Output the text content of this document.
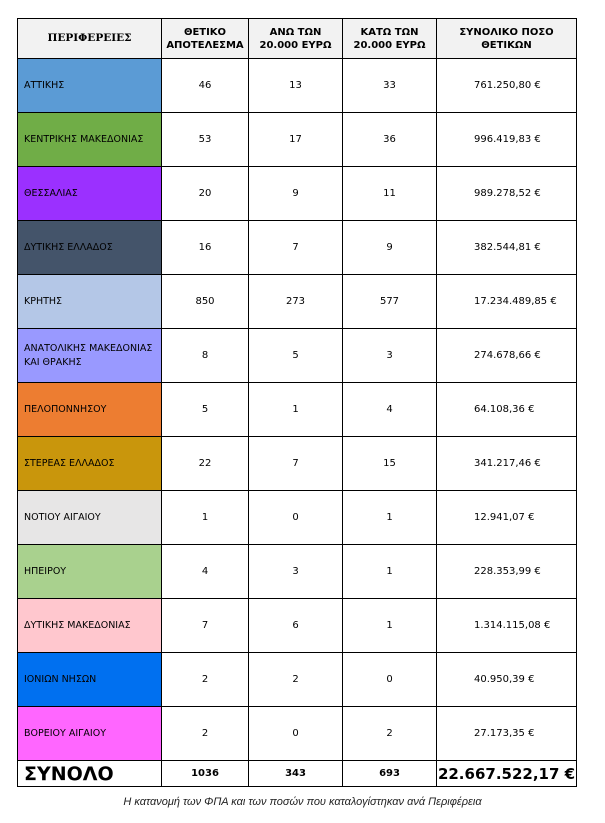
ΠΕΡΙΦΕΡΕΙΕΣ	ΘΕΤΙΚΟ ΑΠΟΤΕΛΕΣΜΑ	ΑΝΩ ΤΩΝ 20.000 ΕΥΡΩ	ΚΑΤΩ ΤΩΝ 20.000 ΕΥΡΩ	ΣΥΝΟΛΙΚΟ ΠΟΣΟ ΘΕΤΙΚΩΝ
ΑΤΤΙΚΗΣ	46	13	33	761.250,80 €
ΚΕΝΤΡΙΚΗΣ ΜΑΚΕΔΟΝΙΑΣ	53	17	36	996.419,83 €
ΘΕΣΣΑΛΙΑΣ	20	9	11	989.278,52 €
ΔΥΤΙΚΗΣ ΕΛΛΑΔΟΣ	16	7	9	382.544,81 €
ΚΡΗΤΗΣ	850	273	577	17.234.489,85 €
ΑΝΑΤΟΛΙΚΗΣ ΜΑΚΕΔΟΝΙΑΣ ΚΑΙ ΘΡΑΚΗΣ	8	5	3	274.678,66 €
ΠΕΛΟΠΟΝΝΗΣΟΥ	5	1	4	64.108,36 €
ΣΤΕΡΕΑΣ ΕΛΛΑΔΟΣ	22	7	15	341.217,46 €
ΝΟΤΙΟΥ ΑΙΓΑΙΟΥ	1	0	1	12.941,07 €
ΗΠΕΙΡΟΥ	4	3	1	228.353,99 €
ΔΥΤΙΚΗΣ ΜΑΚΕΔΟΝΙΑΣ	7	6	1	1.314.115,08 €
ΙΟΝΙΩΝ ΝΗΣΩΝ	2	2	0	40.950,39 €
ΒΟΡΕΙΟΥ ΑΙΓΑΙΟΥ	2	0	2	27.173,35 €
ΣΥΝΟΛΟ	1036	343	693	22.667.522,17 €
Η κατανομή των ΦΠΑ και των ποσών που καταλογίστηκαν ανά Περιφέρεια
